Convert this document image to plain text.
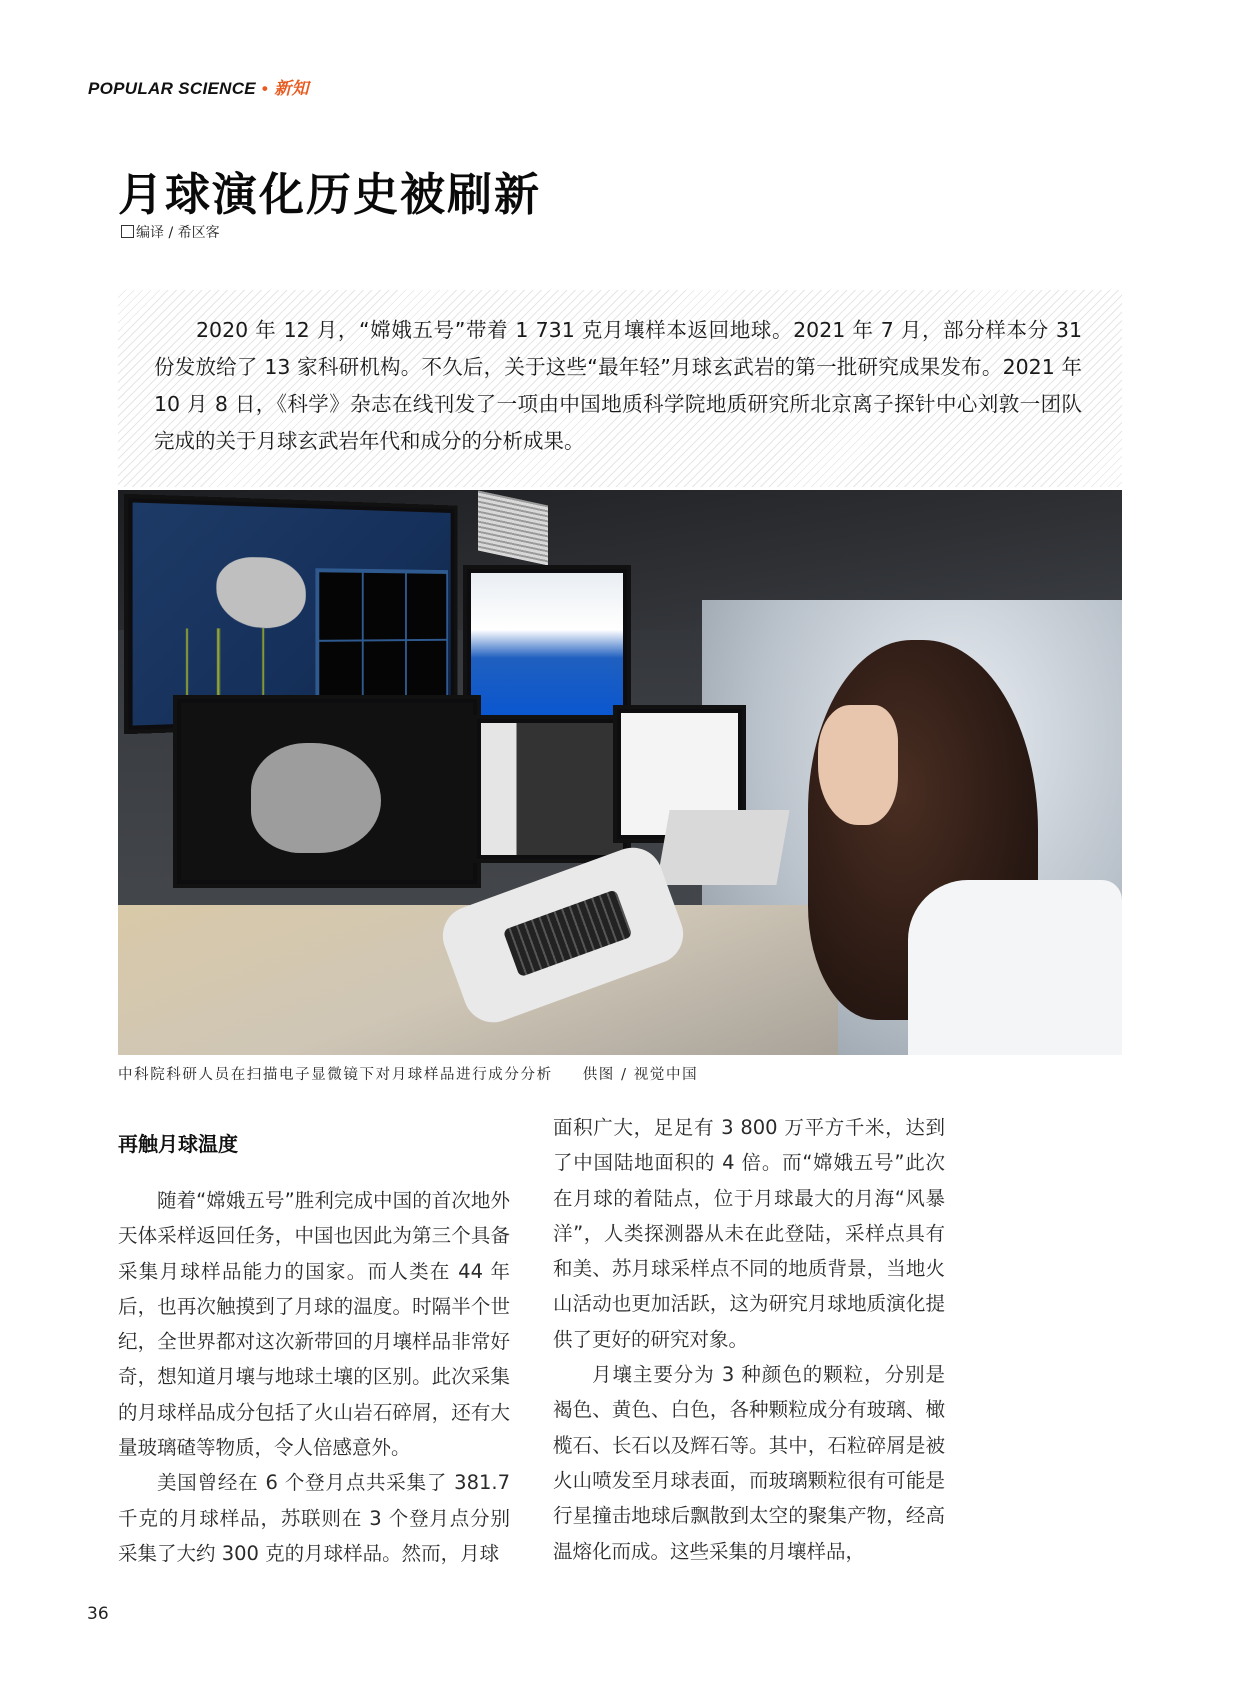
POPULAR SCIENCE • 新知
月球演化历史被刷新
编译 / 希区客

2020 年 12 月，“嫦娥五号”带着 1 731 克月壤样本返回地球。2021 年 7 月，部分样本分 31 份发放给了 13 家科研机构。不久后，关于这些“最年轻”月球玄武岩的第一批研究成果发布。2021 年 10 月 8 日，《科学》杂志在线刊发了一项由中国地质科学院地质研究所北京离子探针中心刘敦一团队完成的关于月球玄武岩年代和成分的分析成果。

中科院科研人员在扫描电子显微镜下对月球样品进行成分分析 供图 / 视觉中国

再触月球温度

随着“嫦娥五号”胜利完成中国的首次地外天体采样返回任务，中国也因此为第三个具备采集月球样品能力的国家。而人类在 44 年后，也再次触摸到了月球的温度。时隔半个世纪，全世界都对这次新带回的月壤样品非常好奇，想知道月壤与地球土壤的区别。此次采集的月球样品成分包括了火山岩石碎屑，还有大量玻璃碴等物质，令人倍感意外。

美国曾经在 6 个登月点共采集了 381.7 千克的月球样品，苏联则在 3 个登月点分别采集了大约 300 克的月球样品。然而，月球

面积广大，足足有 3 800 万平方千米，达到了中国陆地面积的 4 倍。而“嫦娥五号”此次在月球的着陆点，位于月球最大的月海“风暴洋”，人类探测器从未在此登陆，采样点具有和美、苏月球采样点不同的地质背景，当地火山活动也更加活跃，这为研究月球地质演化提供了更好的研究对象。

月壤主要分为 3 种颜色的颗粒，分别是褐色、黄色、白色，各种颗粒成分有玻璃、橄榄石、长石以及辉石等。其中，石粒碎屑是被火山喷发至月球表面，而玻璃颗粒很有可能是行星撞击地球后飘散到太空的聚集产物，经高温熔化而成。这些采集的月壤样品，

36
